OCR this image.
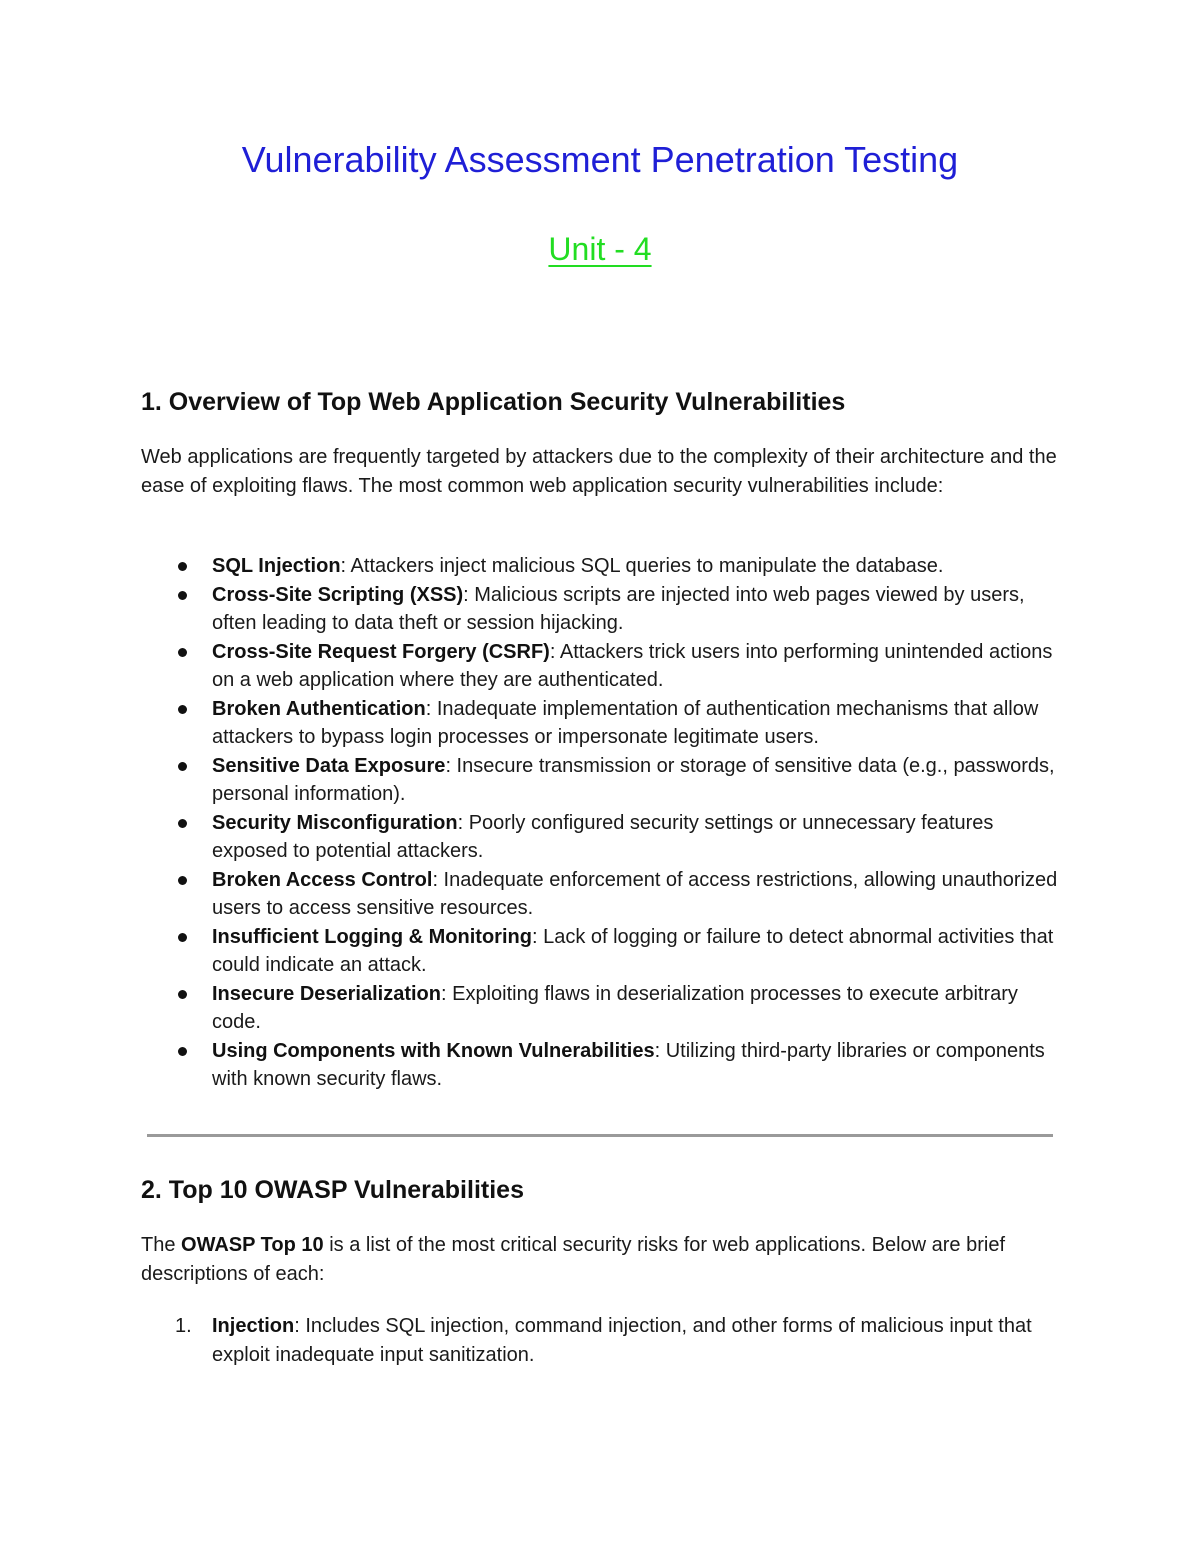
Vulnerability Assessment Penetration Testing
Unit - 4
1. Overview of Top Web Application Security Vulnerabilities

Web applications are frequently targeted by attackers due to the complexity of their architecture and the ease of exploiting flaws. The most common web application security vulnerabilities include:

SQL Injection: Attackers inject malicious SQL queries to manipulate the database.
Cross-Site Scripting (XSS): Malicious scripts are injected into web pages viewed by users, often leading to data theft or session hijacking.
Cross-Site Request Forgery (CSRF): Attackers trick users into performing unintended actions on a web application where they are authenticated.
Broken Authentication: Inadequate implementation of authentication mechanisms that allow attackers to bypass login processes or impersonate legitimate users.
Sensitive Data Exposure: Insecure transmission or storage of sensitive data (e.g., passwords, personal information).
Security Misconfiguration: Poorly configured security settings or unnecessary features exposed to potential attackers.
Broken Access Control: Inadequate enforcement of access restrictions, allowing unauthorized users to access sensitive resources.
Insufficient Logging & Monitoring: Lack of logging or failure to detect abnormal activities that could indicate an attack.
Insecure Deserialization: Exploiting flaws in deserialization processes to execute arbitrary code.
Using Components with Known Vulnerabilities: Utilizing third-party libraries or components with known security flaws.
2. Top 10 OWASP Vulnerabilities

The OWASP Top 10 is a list of the most critical security risks for web applications. Below are brief descriptions of each:

1. Injection: Includes SQL injection, command injection, and other forms of malicious input that exploit inadequate input sanitization.
